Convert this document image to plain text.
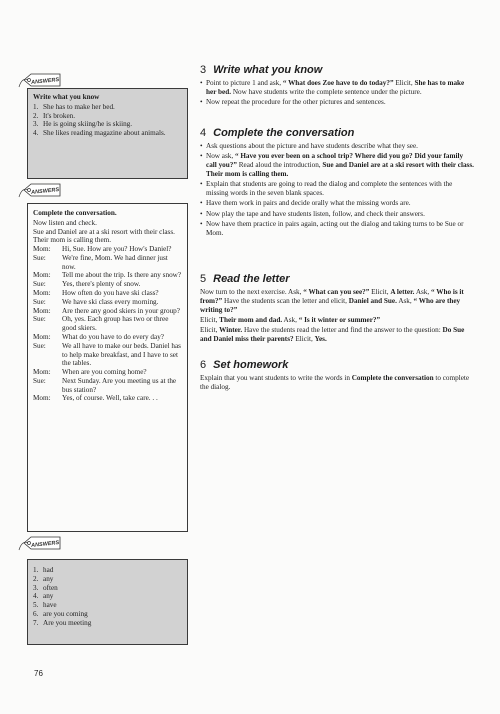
ANSWERS
Write what you know
1. She has to make her bed.
2. It's broken.
3. He is going skiing/he is skiing.
4. She likes reading magazine about animals.
ANSWERS
Complete the conversation.
Now listen and check.
Sue and Daniel are at a ski resort with their class. Their mom is calling them.
Mom:	Hi, Sue. How are you? How's Daniel?
Sue:	We're fine, Mom. We had dinner just now.
Mom:	Tell me about the trip. Is there any snow?
Sue:	Yes, there's plenty of snow.
Mom:	How often do you have ski class?
Sue:	We have ski class every morning.
Mom:	Are there any good skiers in your group?
Sue:	Oh, yes. Each group has two or three good skiers.
Mom:	What do you have to do every day?
Sue:	We all have to make our beds. Daniel has to help make breakfast, and I have to set the tables.
Mom:	When are you coming home?
Sue:	Next Sunday. Are you meeting us at the bus station?
Mom:	Yes, of course. Well, take care. . .
ANSWERS
1. had
2. any
3. often
4. any
5. have
6. are you coming
7. Are you meeting
3 Write what you know
• Point to picture 1 and ask, “ What does Zoe have to do today?” Elicit, She has to make her bed. Now have students write the complete sentence under the picture.
• Now repeat the procedure for the other pictures and sentences.
4 Complete the conversation
• Ask questions about the picture and have students describe what they see.
• Now ask, “ Have you ever been on a school trip? Where did you go? Did your family call you?” Read aloud the introduction, Sue and Daniel are at a ski resort with their class. Their mom is calling them.
• Explain that students are going to read the dialog and complete the sentences with the missing words in the seven blank spaces.
• Have them work in pairs and decide orally what the missing words are.
• Now play the tape and have students listen, follow, and check their answers.
• Now have them practice in pairs again, acting out the dialog and taking turns to be Sue or Mom.
5 Read the letter

Now turn to the next exercise. Ask, “ What can you see?” Elicit, A letter. Ask, “ Who is it from?” Have the students scan the letter and elicit, Daniel and Sue. Ask, “ Who are they writing to?”

Elicit, Their mom and dad. Ask, “ Is it winter or summer?”

Elicit, Winter. Have the students read the letter and find the answer to the question: Do Sue and Daniel miss their parents? Elicit, Yes.

6 Set homework

Explain that you want students to write the words in Complete the conversation to complete the dialog.

76
